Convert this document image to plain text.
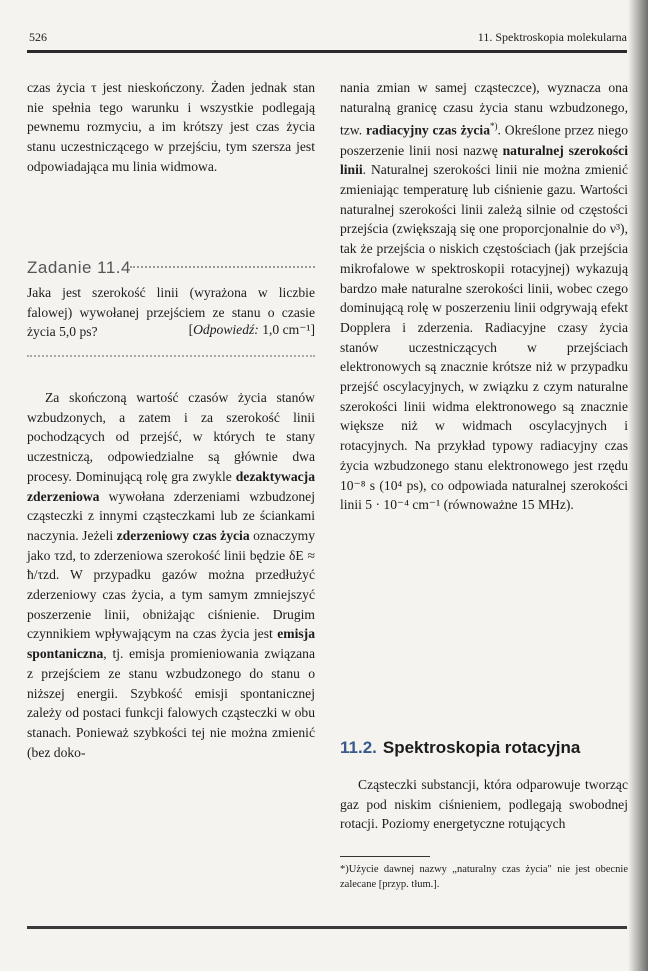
526	11. Spektroskopia molekularna

czas życia τ jest nieskończony. Żaden jednak stan nie spełnia tego warunku i wszystkie podlegają pewnemu rozmyciu, a im krótszy jest czas życia stanu uczestniczącego w przejściu, tym szersza jest odpowiadająca mu linia widmowa.

Zadanie 11.4

Jaka jest szerokość linii (wyrażona w liczbie falowej) wywołanej przejściem ze stanu o czasie życia 5,0 ps?	[Odpowiedź: 1,0 cm⁻¹]

Za skończoną wartość czasów życia stanów wzbudzonych, a zatem i za szerokość linii pochodzących od przejść, w których te stany uczestniczą, odpowiedzialne są głównie dwa procesy. Dominującą rolę gra zwykle dezaktywacja zderzeniowa wywołana zderzeniami wzbudzonej cząsteczki z innymi cząsteczkami lub ze ściankami naczynia. Jeżeli zderzeniowy czas życia oznaczymy jako τzd, to zderzeniowa szerokość linii będzie δE ≈ ħ/τzd. W przypadku gazów można przedłużyć zderzeniowy czas życia, a tym samym zmniejszyć poszerzenie linii, obniżając ciśnienie. Drugim czynnikiem wpływającym na czas życia jest emisja spontaniczna, tj. emisja promieniowania związana z przejściem ze stanu wzbudzonego do stanu o niższej energii. Szybkość emisji spontanicznej zależy od postaci funkcji falowych cząsteczki w obu stanach. Ponieważ szybkości tej nie można zmienić (bez doko-

nania zmian w samej cząsteczce), wyznacza ona naturalną granicę czasu życia stanu wzbudzonego, tzw. radiacyjny czas życia*). Określone przez niego poszerzenie linii nosi nazwę naturalnej szerokości linii. Naturalnej szerokości linii nie można zmienić zmieniając temperaturę lub ciśnienie gazu. Wartości naturalnej szerokości linii zależą silnie od częstości przejścia (zwiększają się one proporcjonalnie do ν³), tak że przejścia o niskich częstościach (jak przejścia mikrofalowe w spektroskopii rotacyjnej) wykazują bardzo małe naturalne szerokości linii, wobec czego dominującą rolę w poszerzeniu linii odgrywają efekt Dopplera i zderzenia. Radiacyjne czasy życia stanów uczestniczących w przejściach elektronowych są znacznie krótsze niż w przypadku przejść oscylacyjnych, w związku z czym naturalne szerokości linii widma elektronowego są znacznie większe niż w widmach oscylacyjnych i rotacyjnych. Na przykład typowy radiacyjny czas życia wzbudzonego stanu elektronowego jest rzędu 10⁻⁸ s (10⁴ ps), co odpowiada naturalnej szerokości linii 5 · 10⁻⁴ cm⁻¹ (równoważne 15 MHz).

11.2. Spektroskopia rotacyjna

Cząsteczki substancji, która odparowuje tworząc gaz pod niskim ciśnieniem, podlegają swobodnej rotacji. Poziomy energetyczne rotujących

*)Użycie dawnej nazwy „naturalny czas życia" nie jest obecnie zalecane [przyp. tłum.].
